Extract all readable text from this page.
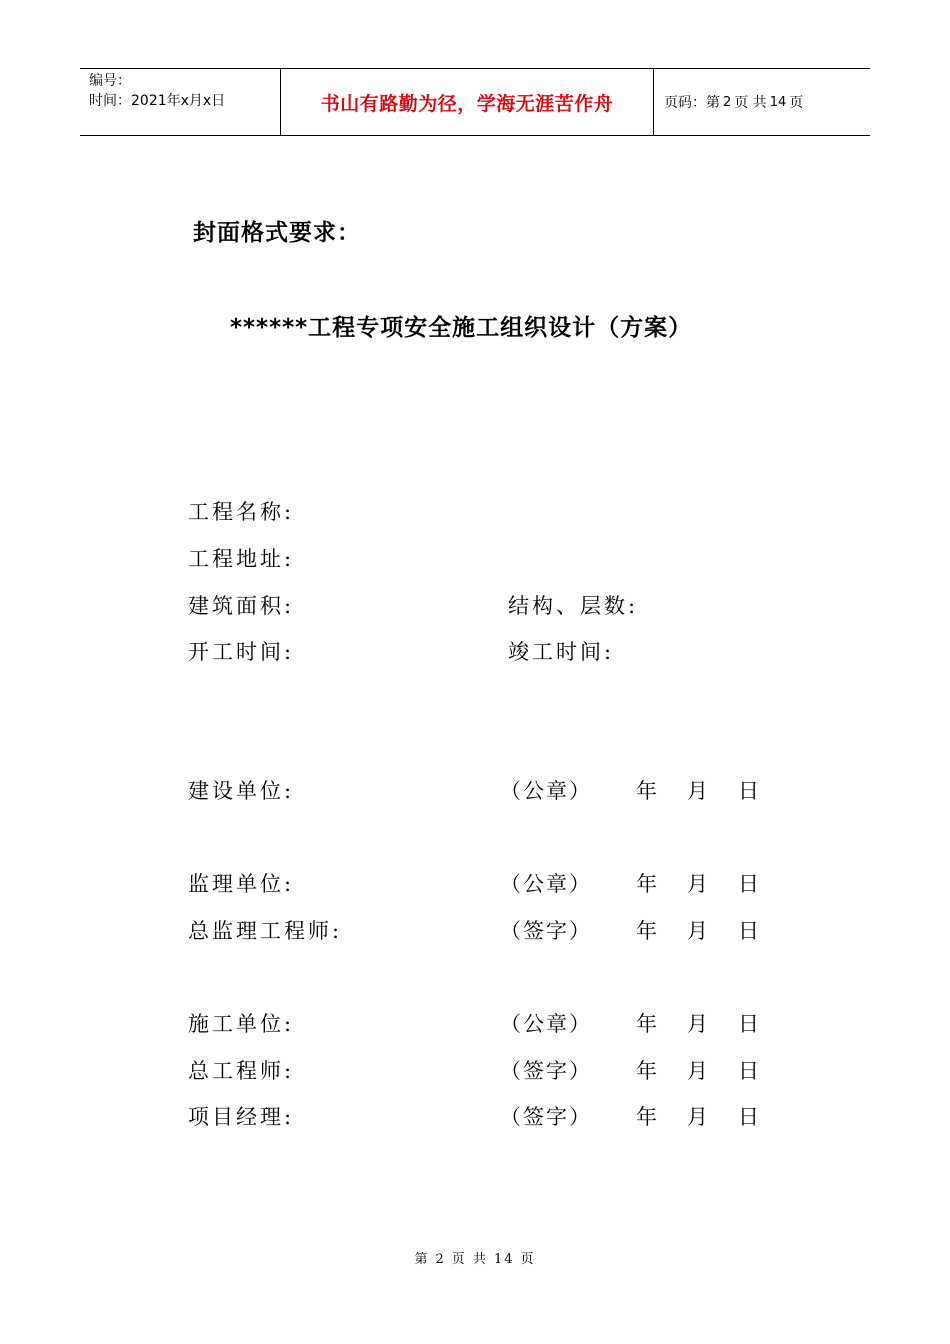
编号：
时间：2021年x月x日	书山有路勤为径，学海无涯苦作舟	页码：第 2 页 共 14 页
封面格式要求：
******工程专项安全施工组织设计（方案）
工程名称:
工程地址:
建筑面积:	结构、层数:
开工时间:	竣工时间:
建设单位:	（公章） 年 月 日
监理单位:	（公章） 年 月 日
总监理工程师:	（签字） 年 月 日
施工单位:	（公章） 年 月 日
总工程师:	（签字） 年 月 日
项目经理:	（签字） 年 月 日
第 2 页 共 14 页
